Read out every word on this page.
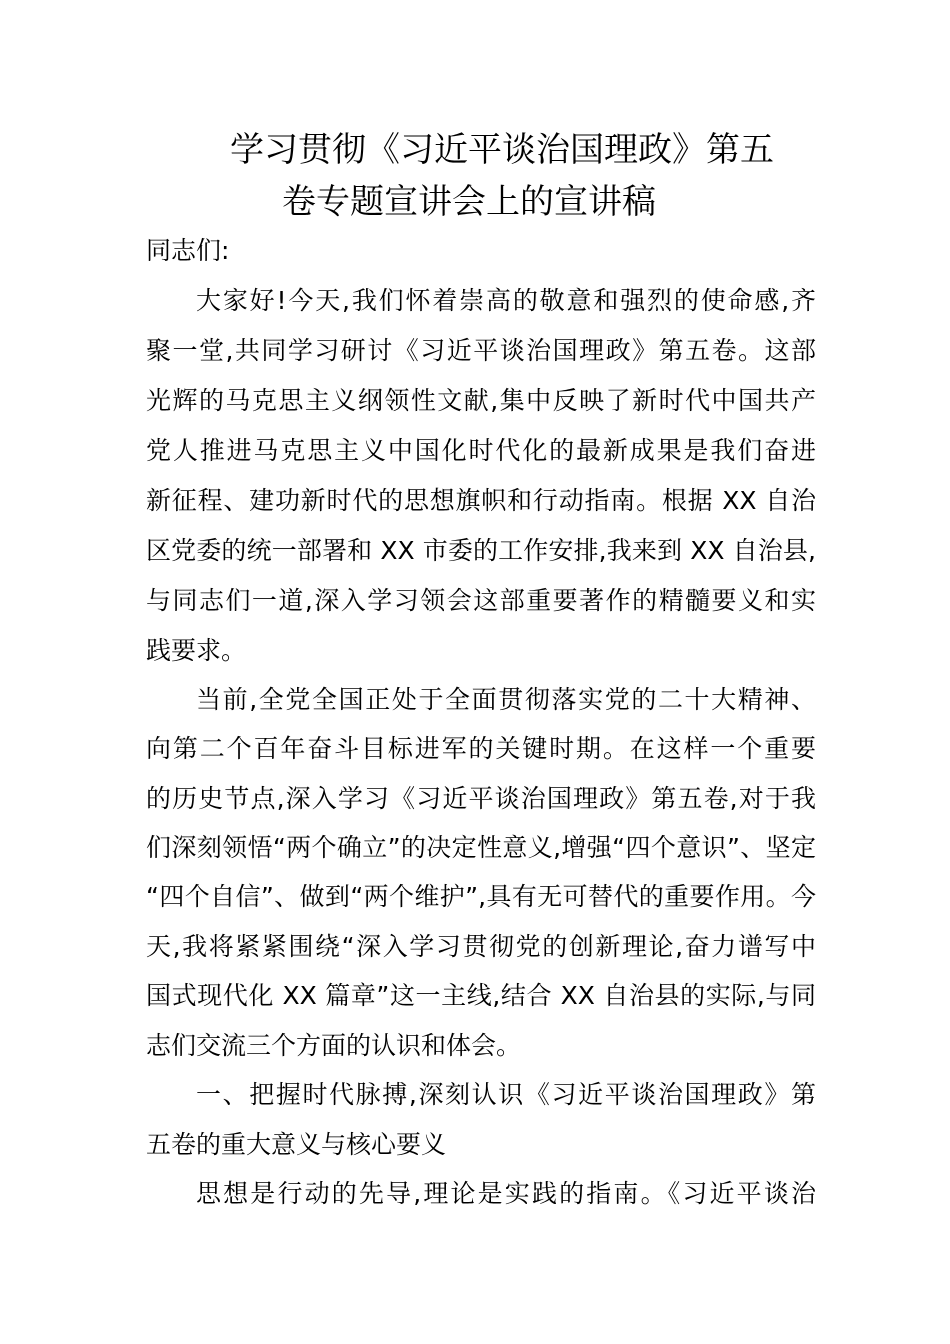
学习贯彻《习近平谈治国理政》第五
卷专题宣讲会上的宣讲稿
同志们:
大家好!今天,我们怀着崇高的敬意和强烈的使命感,齐
聚一堂,共同学习研讨《习近平谈治国理政》第五卷。这部
光辉的马克思主义纲领性文献,集中反映了新时代中国共产
党人推进马克思主义中国化时代化的最新成果是我们奋进
新征程、建功新时代的思想旗帜和行动指南。根据 XX 自治
区党委的统一部署和 XX 市委的工作安排,我来到 XX 自治县,
与同志们一道,深入学习领会这部重要著作的精髓要义和实
践要求。
当前,全党全国正处于全面贯彻落实党的二十大精神、
向第二个百年奋斗目标进军的关键时期。在这样一个重要
的历史节点,深入学习《习近平谈治国理政》第五卷,对于我
们深刻领悟“两个确立”的决定性意义,增强“四个意识”、坚定
“四个自信”、做到“两个维护”,具有无可替代的重要作用。今
天,我将紧紧围绕“深入学习贯彻党的创新理论,奋力谱写中
国式现代化 XX 篇章”这一主线,结合 XX 自治县的实际,与同
志们交流三个方面的认识和体会。
一、把握时代脉搏,深刻认识《习近平谈治国理政》第
五卷的重大意义与核心要义
思想是行动的先导,理论是实践的指南。《习近平谈治
